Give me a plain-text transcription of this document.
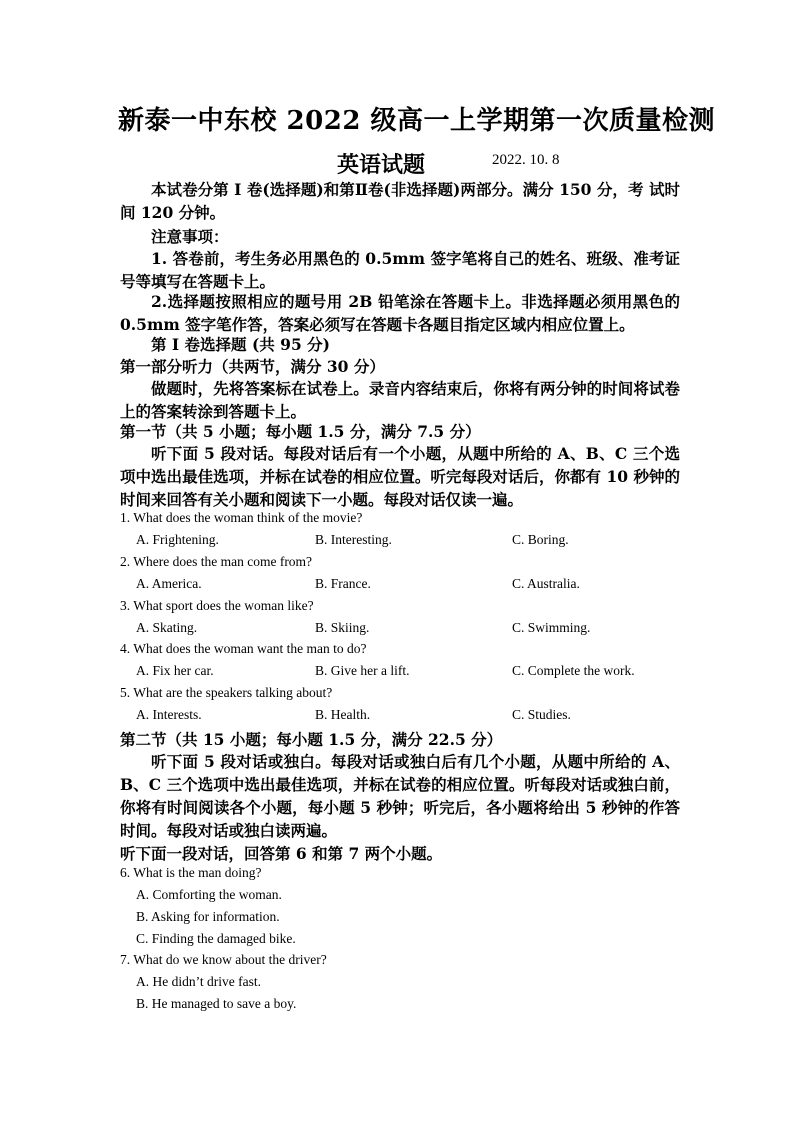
新泰一中东校 2022 级高一上学期第一次质量检测
英语试题	2022. 10. 8
本试卷分第 I 卷(选择题)和第Ⅱ卷(非选择题)两部分。满分 150 分，考 试时间 120 分钟。
注意事项：
1. 答卷前，考生务必用黑色的 0.5mm 签字笔将自己的姓名、班级、准考证号等填写在答题卡上。
2.选择题按照相应的题号用 2B 铅笔涂在答题卡上。非选择题必须用黑色的 0.5mm 签字笔作答，答案必须写在答题卡各题目指定区域内相应位置上。
第 I 卷选择题 (共 95 分)
第一部分听力（共两节，满分 30 分）
做题时，先将答案标在试卷上。录音内容结束后，你将有两分钟的时间将试卷上的答案转涂到答题卡上。
第一节（共 5 小题；每小题 1.5 分，满分 7.5 分）
听下面 5 段对话。每段对话后有一个小题，从题中所给的 A、B、C 三个选项中选出最佳选项，并标在试卷的相应位置。听完每段对话后，你都有 10 秒钟的时间来回答有关小题和阅读下一小题。每段对话仅读一遍。
1. What does the woman think of the movie?
A. Frightening.	B. Interesting.	C. Boring.
2. Where does the man come from?
A. America.	B. France.	C. Australia.
3. What sport does the woman like?
A. Skating.	B. Skiing.	C. Swimming.
4. What does the woman want the man to do?
A. Fix her car.	B. Give her a lift.	C. Complete the work.
5. What are the speakers talking about?
A. Interests.	B. Health.	C. Studies.
第二节（共 15 小题；每小题 1.5 分，满分 22.5 分）
听下面 5 段对话或独白。每段对话或独白后有几个小题，从题中所给的 A、B、C 三个选项中选出最佳选项，并标在试卷的相应位置。听每段对话或独白前，你将有时间阅读各个小题，每小题 5 秒钟；听完后，各小题将给出 5 秒钟的作答时间。每段对话或独白读两遍。
听下面一段对话，回答第 6 和第 7 两个小题。
6. What is the man doing?
A. Comforting the woman.
B. Asking for information.
C. Finding the damaged bike.
7. What do we know about the driver?
A. He didn’t drive fast.
B. He managed to save a boy.
